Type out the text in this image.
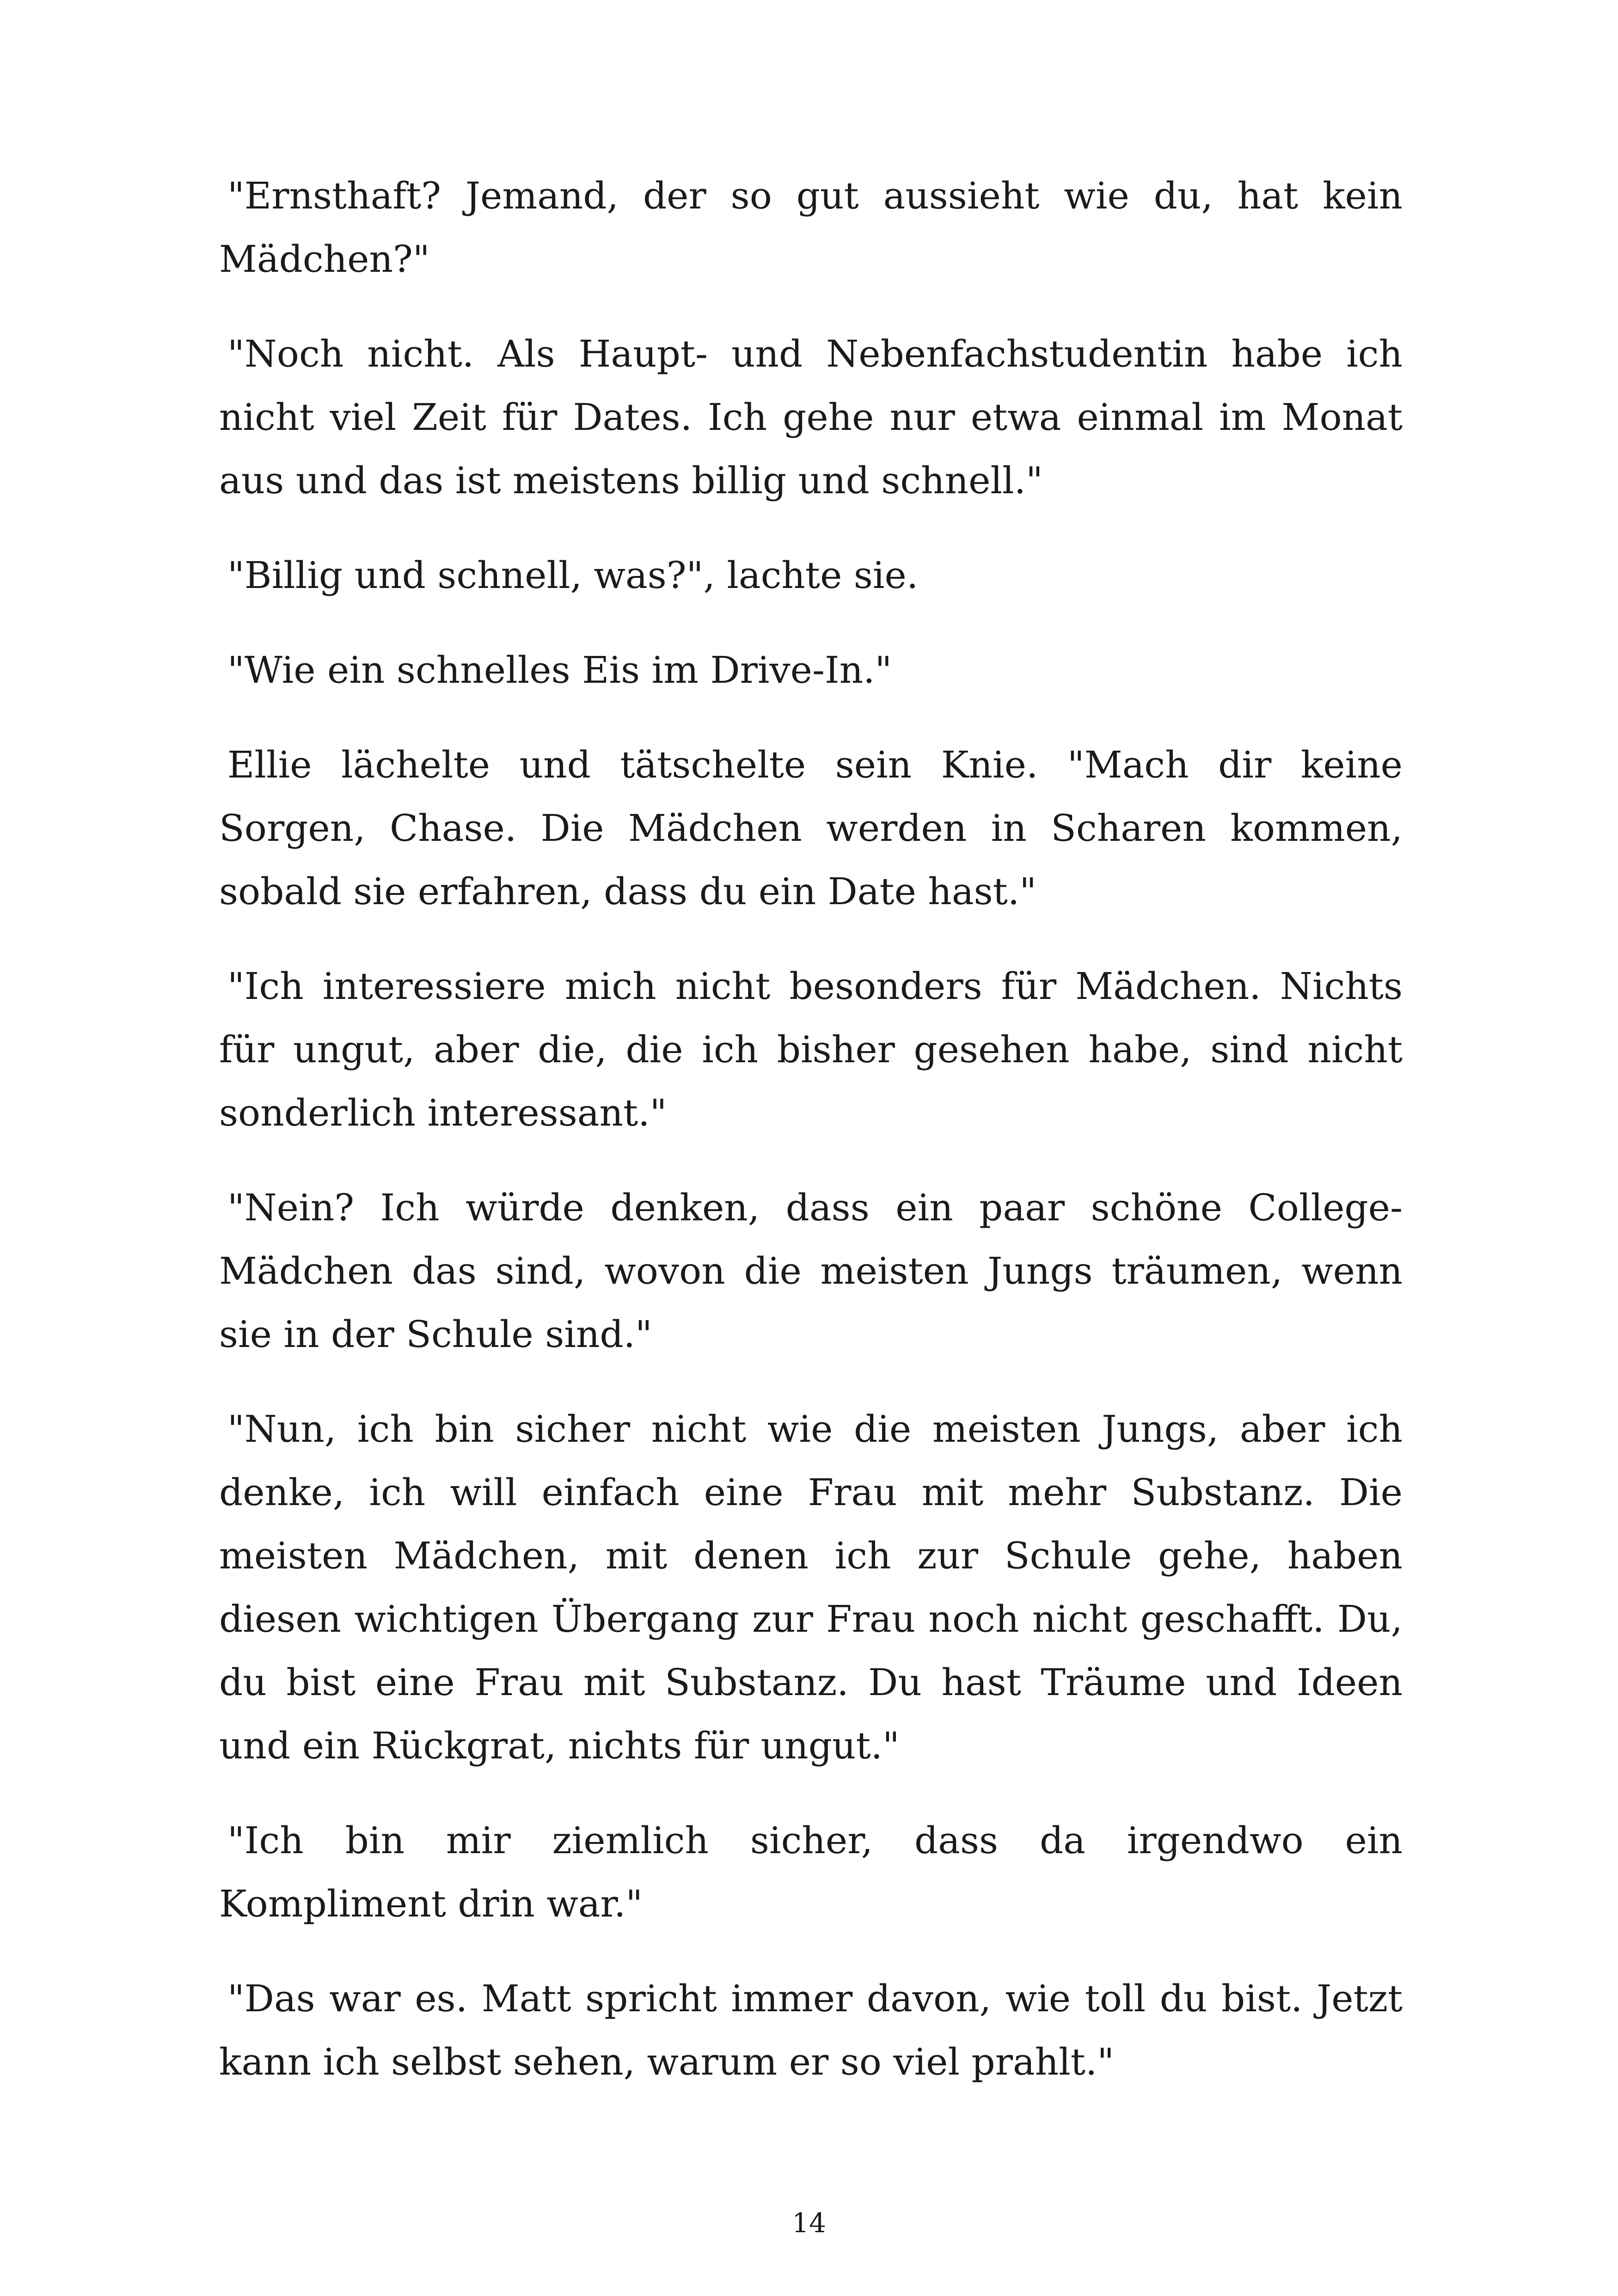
"Ernsthaft? Jemand, der so gut aussieht wie du, hat kein Mädchen?"

"Noch nicht. Als Haupt- und Nebenfachstudentin habe ich nicht viel Zeit für Dates. Ich gehe nur etwa einmal im Monat aus und das ist meistens billig und schnell."

"Billig und schnell, was?", lachte sie.

"Wie ein schnelles Eis im Drive-In."

Ellie lächelte und tätschelte sein Knie. "Mach dir keine Sorgen, Chase. Die Mädchen werden in Scharen kommen, sobald sie erfahren, dass du ein Date hast."

"Ich interessiere mich nicht besonders für Mädchen. Nichts für ungut, aber die, die ich bisher gesehen habe, sind nicht sonderlich interessant."

"Nein? Ich würde denken, dass ein paar schöne College-Mädchen das sind, wovon die meisten Jungs träumen, wenn sie in der Schule sind."

"Nun, ich bin sicher nicht wie die meisten Jungs, aber ich denke, ich will einfach eine Frau mit mehr Substanz. Die meisten Mädchen, mit denen ich zur Schule gehe, haben diesen wichtigen Übergang zur Frau noch nicht geschafft. Du, du bist eine Frau mit Substanz. Du hast Träume und Ideen und ein Rückgrat, nichts für ungut."

"Ich bin mir ziemlich sicher, dass da irgendwo ein Kompliment drin war."

"Das war es. Matt spricht immer davon, wie toll du bist. Jetzt kann ich selbst sehen, warum er so viel prahlt."

14
